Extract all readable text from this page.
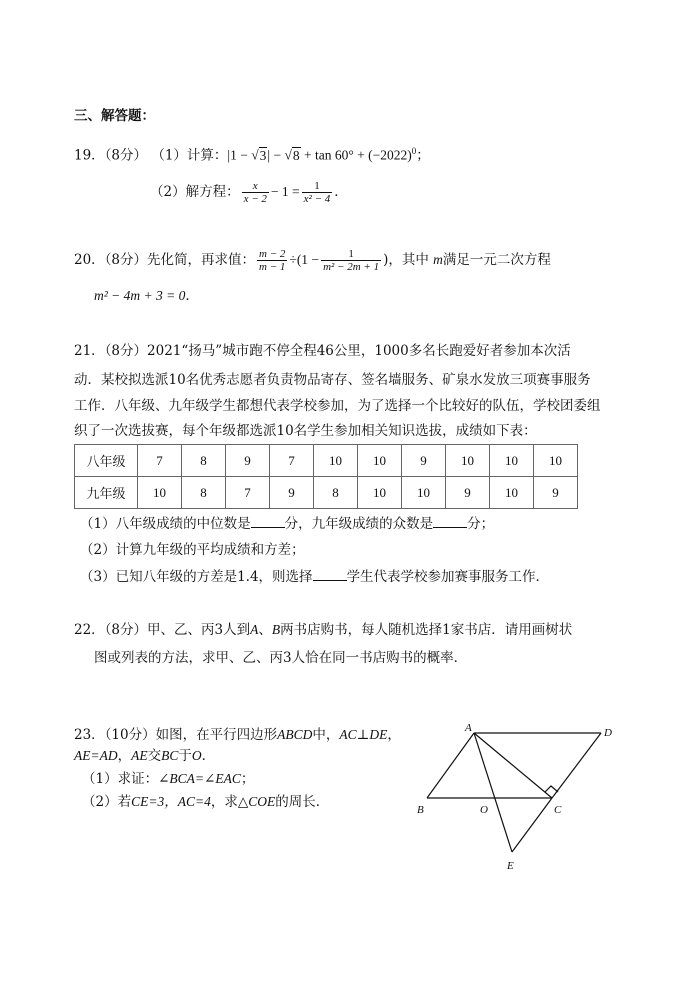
三、解答题：
19．（8分） （1）计算：$|1 - √3| - √8 + \tan 60^\circ + (-2022)^0$；
（2）解方程： $\frac{x}{x - 2} - 1 = \frac{1}{\text{x² − 4}}$ ．
20．（8分）先化简，再求值： $\frac{m - 2}{m - 1} \div(1 - \frac{1}{\text{m² − 2m + 1}}$ )，其中 m满足一元二次方程
m² − 4m + 3 = 0．
21．（8分）2021“扬马”城市跑不停全程46公里，1000多名长跑爱好者参加本次活
动．某校拟选派10名优秀志愿者负责物品寄存、签名墙服务、矿泉水发放三项赛事服务
工作．八年级、九年级学生都想代表学校参加，为了选择一个比较好的队伍，学校团委组
织了一次选拔赛，每个年级都选派10名学生参加相关知识选拔，成绩如下表：
八年级	7	8	9	7	10	10	9	10	10	10
九年级	10	8	7	9	8	10	10	9	10	9
（1）八年级成绩的中位数是	分，九年级成绩的众数是	分；
（2）计算九年级的平均成绩和方差；
（3）已知八年级的方差是1.4，则选择	学生代表学校参加赛事服务工作．
22．（8分）甲、乙、丙3人到A、B两书店购书，每人随机选择1家书店．请用画树状
图或列表的方法，求甲、乙、丙3人恰在同一书店购书的概率．
23．（10分）如图，在平行四边形ABCD中，AC⊥DE，
AE=AD，AE交BC于O．
（1）求证：∠BCA=∠EAC；
（2）若CE=3，AC=4，求△COE的周长．
A	D
B	O	C
E
